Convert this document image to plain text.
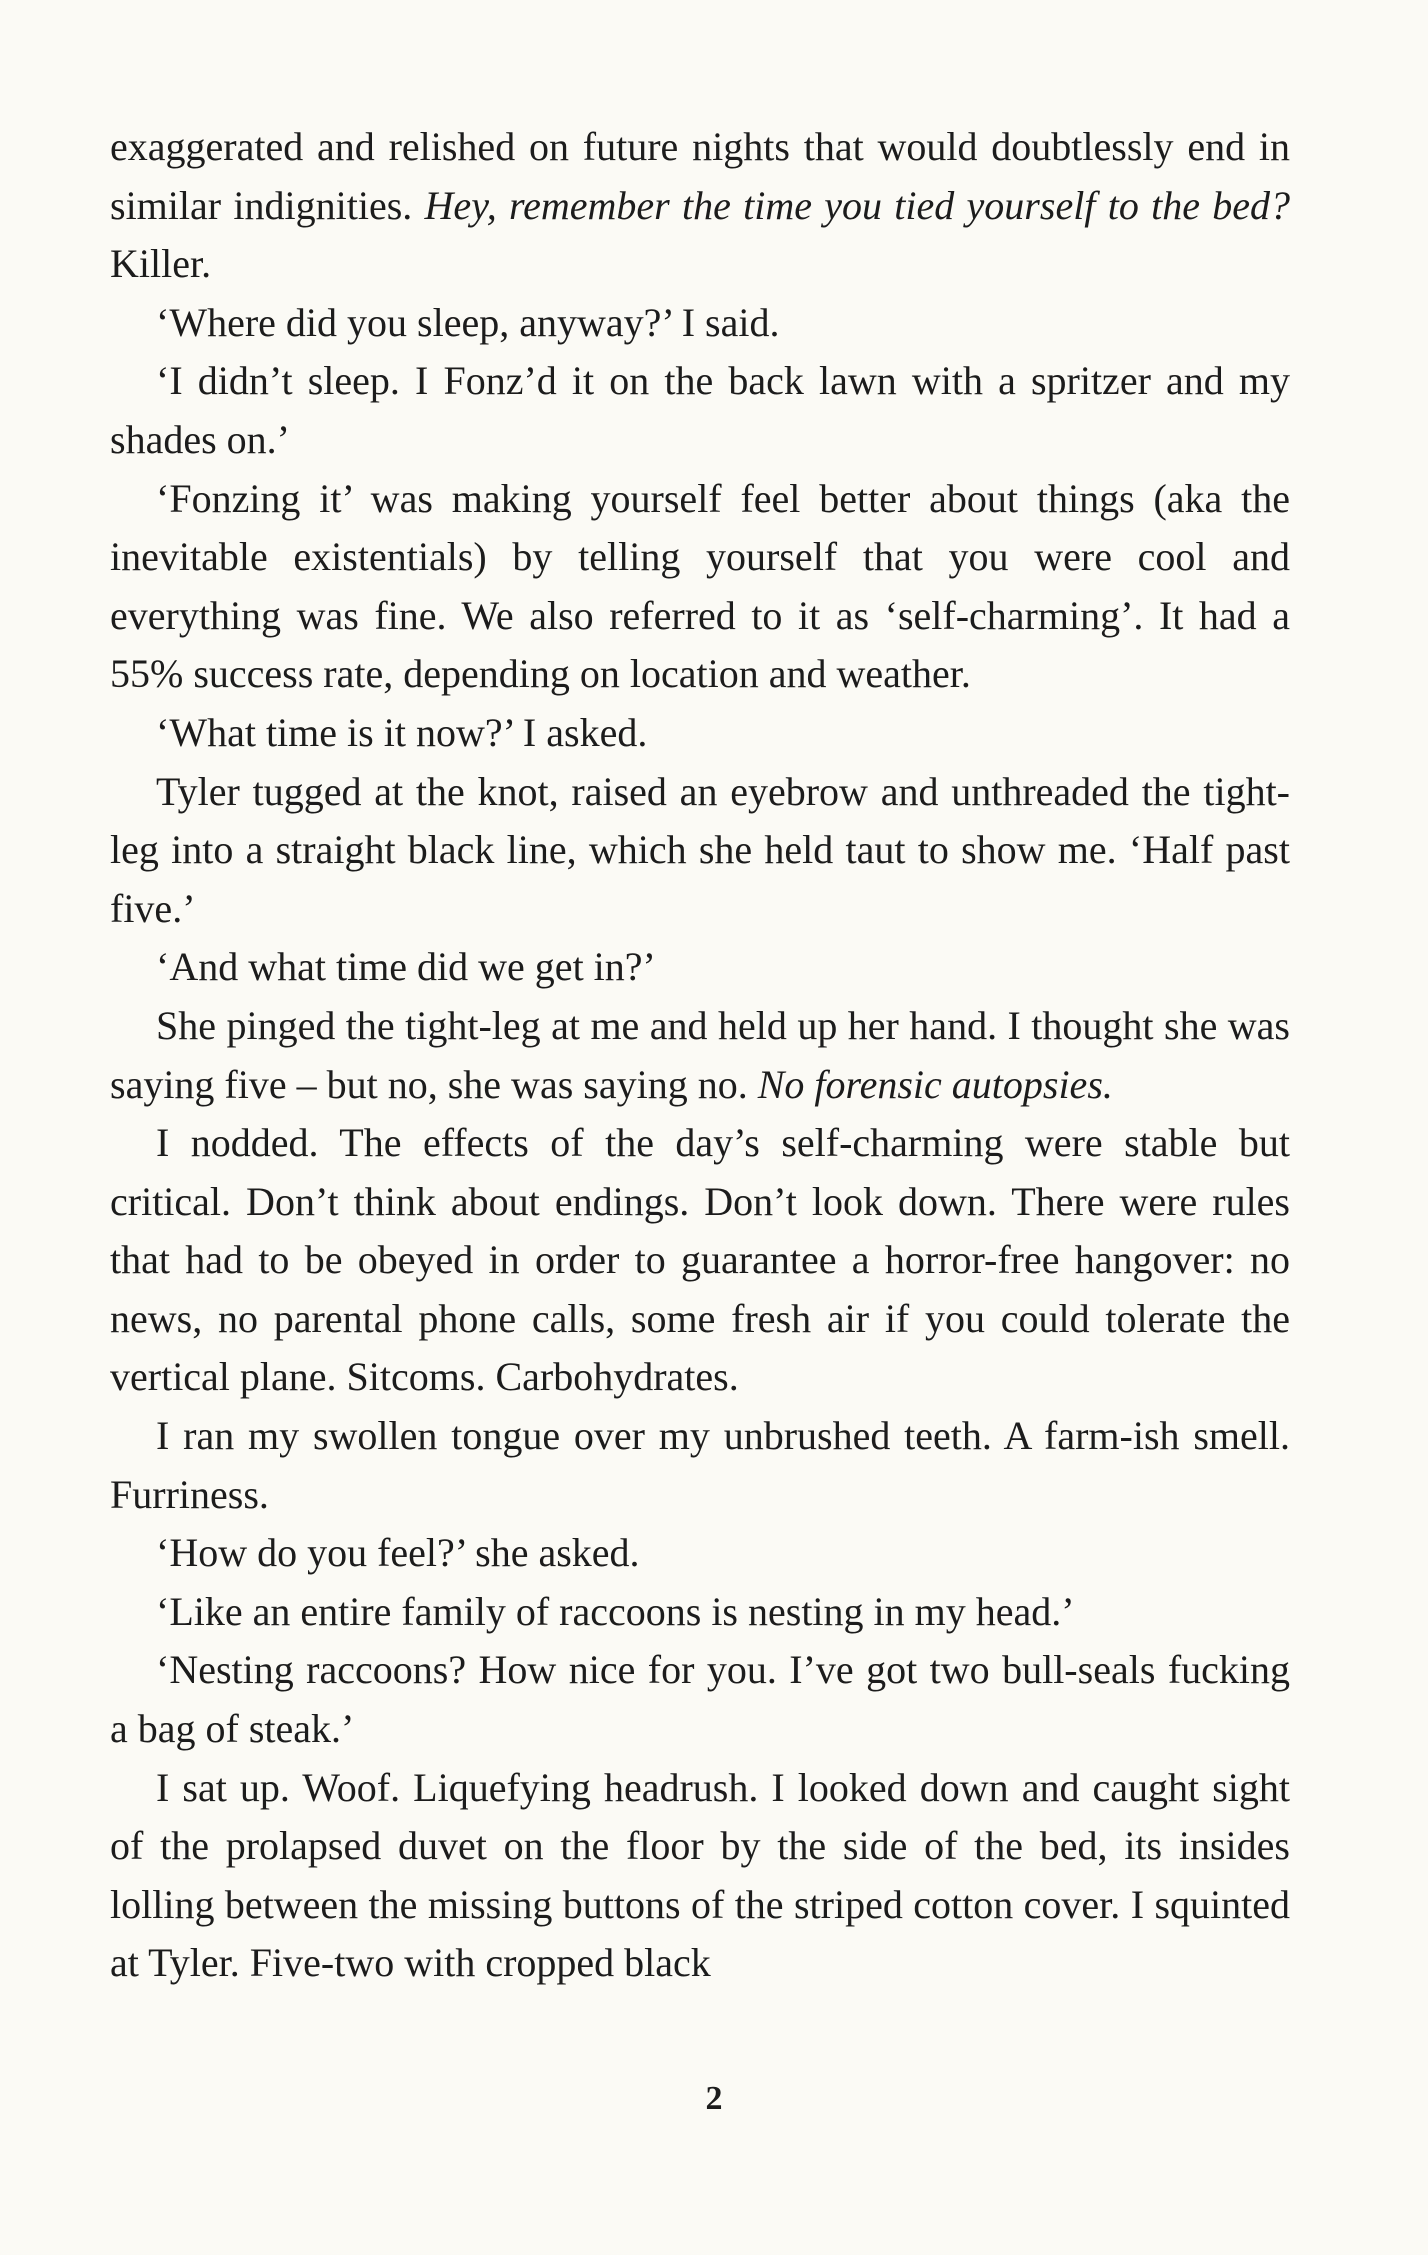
exaggerated and relished on future nights that would doubtlessly end in similar indignities. Hey, remember the time you tied yourself to the bed? Killer.

‘Where did you sleep, anyway?’ I said.

‘I didn’t sleep. I Fonz’d it on the back lawn with a spritzer and my shades on.’

‘Fonzing it’ was making yourself feel better about things (aka the inevitable existentials) by telling yourself that you were cool and everything was fine. We also referred to it as ‘self-charming’. It had a 55% success rate, depending on location and weather.

‘What time is it now?’ I asked.

Tyler tugged at the knot, raised an eyebrow and unthreaded the tight-leg into a straight black line, which she held taut to show me. ‘Half past five.’

‘And what time did we get in?’

She pinged the tight-leg at me and held up her hand. I thought she was saying five – but no, she was saying no. No forensic autopsies.

I nodded. The effects of the day’s self-charming were stable but critical. Don’t think about endings. Don’t look down. There were rules that had to be obeyed in order to guarantee a horror-free hangover: no news, no parental phone calls, some fresh air if you could tolerate the vertical plane. Sitcoms. Carbohydrates.

I ran my swollen tongue over my unbrushed teeth. A farm-ish smell. Furriness.

‘How do you feel?’ she asked.

‘Like an entire family of raccoons is nesting in my head.’

‘Nesting raccoons? How nice for you. I’ve got two bull-seals fucking a bag of steak.’

I sat up. Woof. Liquefying headrush. I looked down and caught sight of the prolapsed duvet on the floor by the side of the bed, its insides lolling between the missing buttons of the striped cotton cover. I squinted at Tyler. Five-two with cropped black

2
